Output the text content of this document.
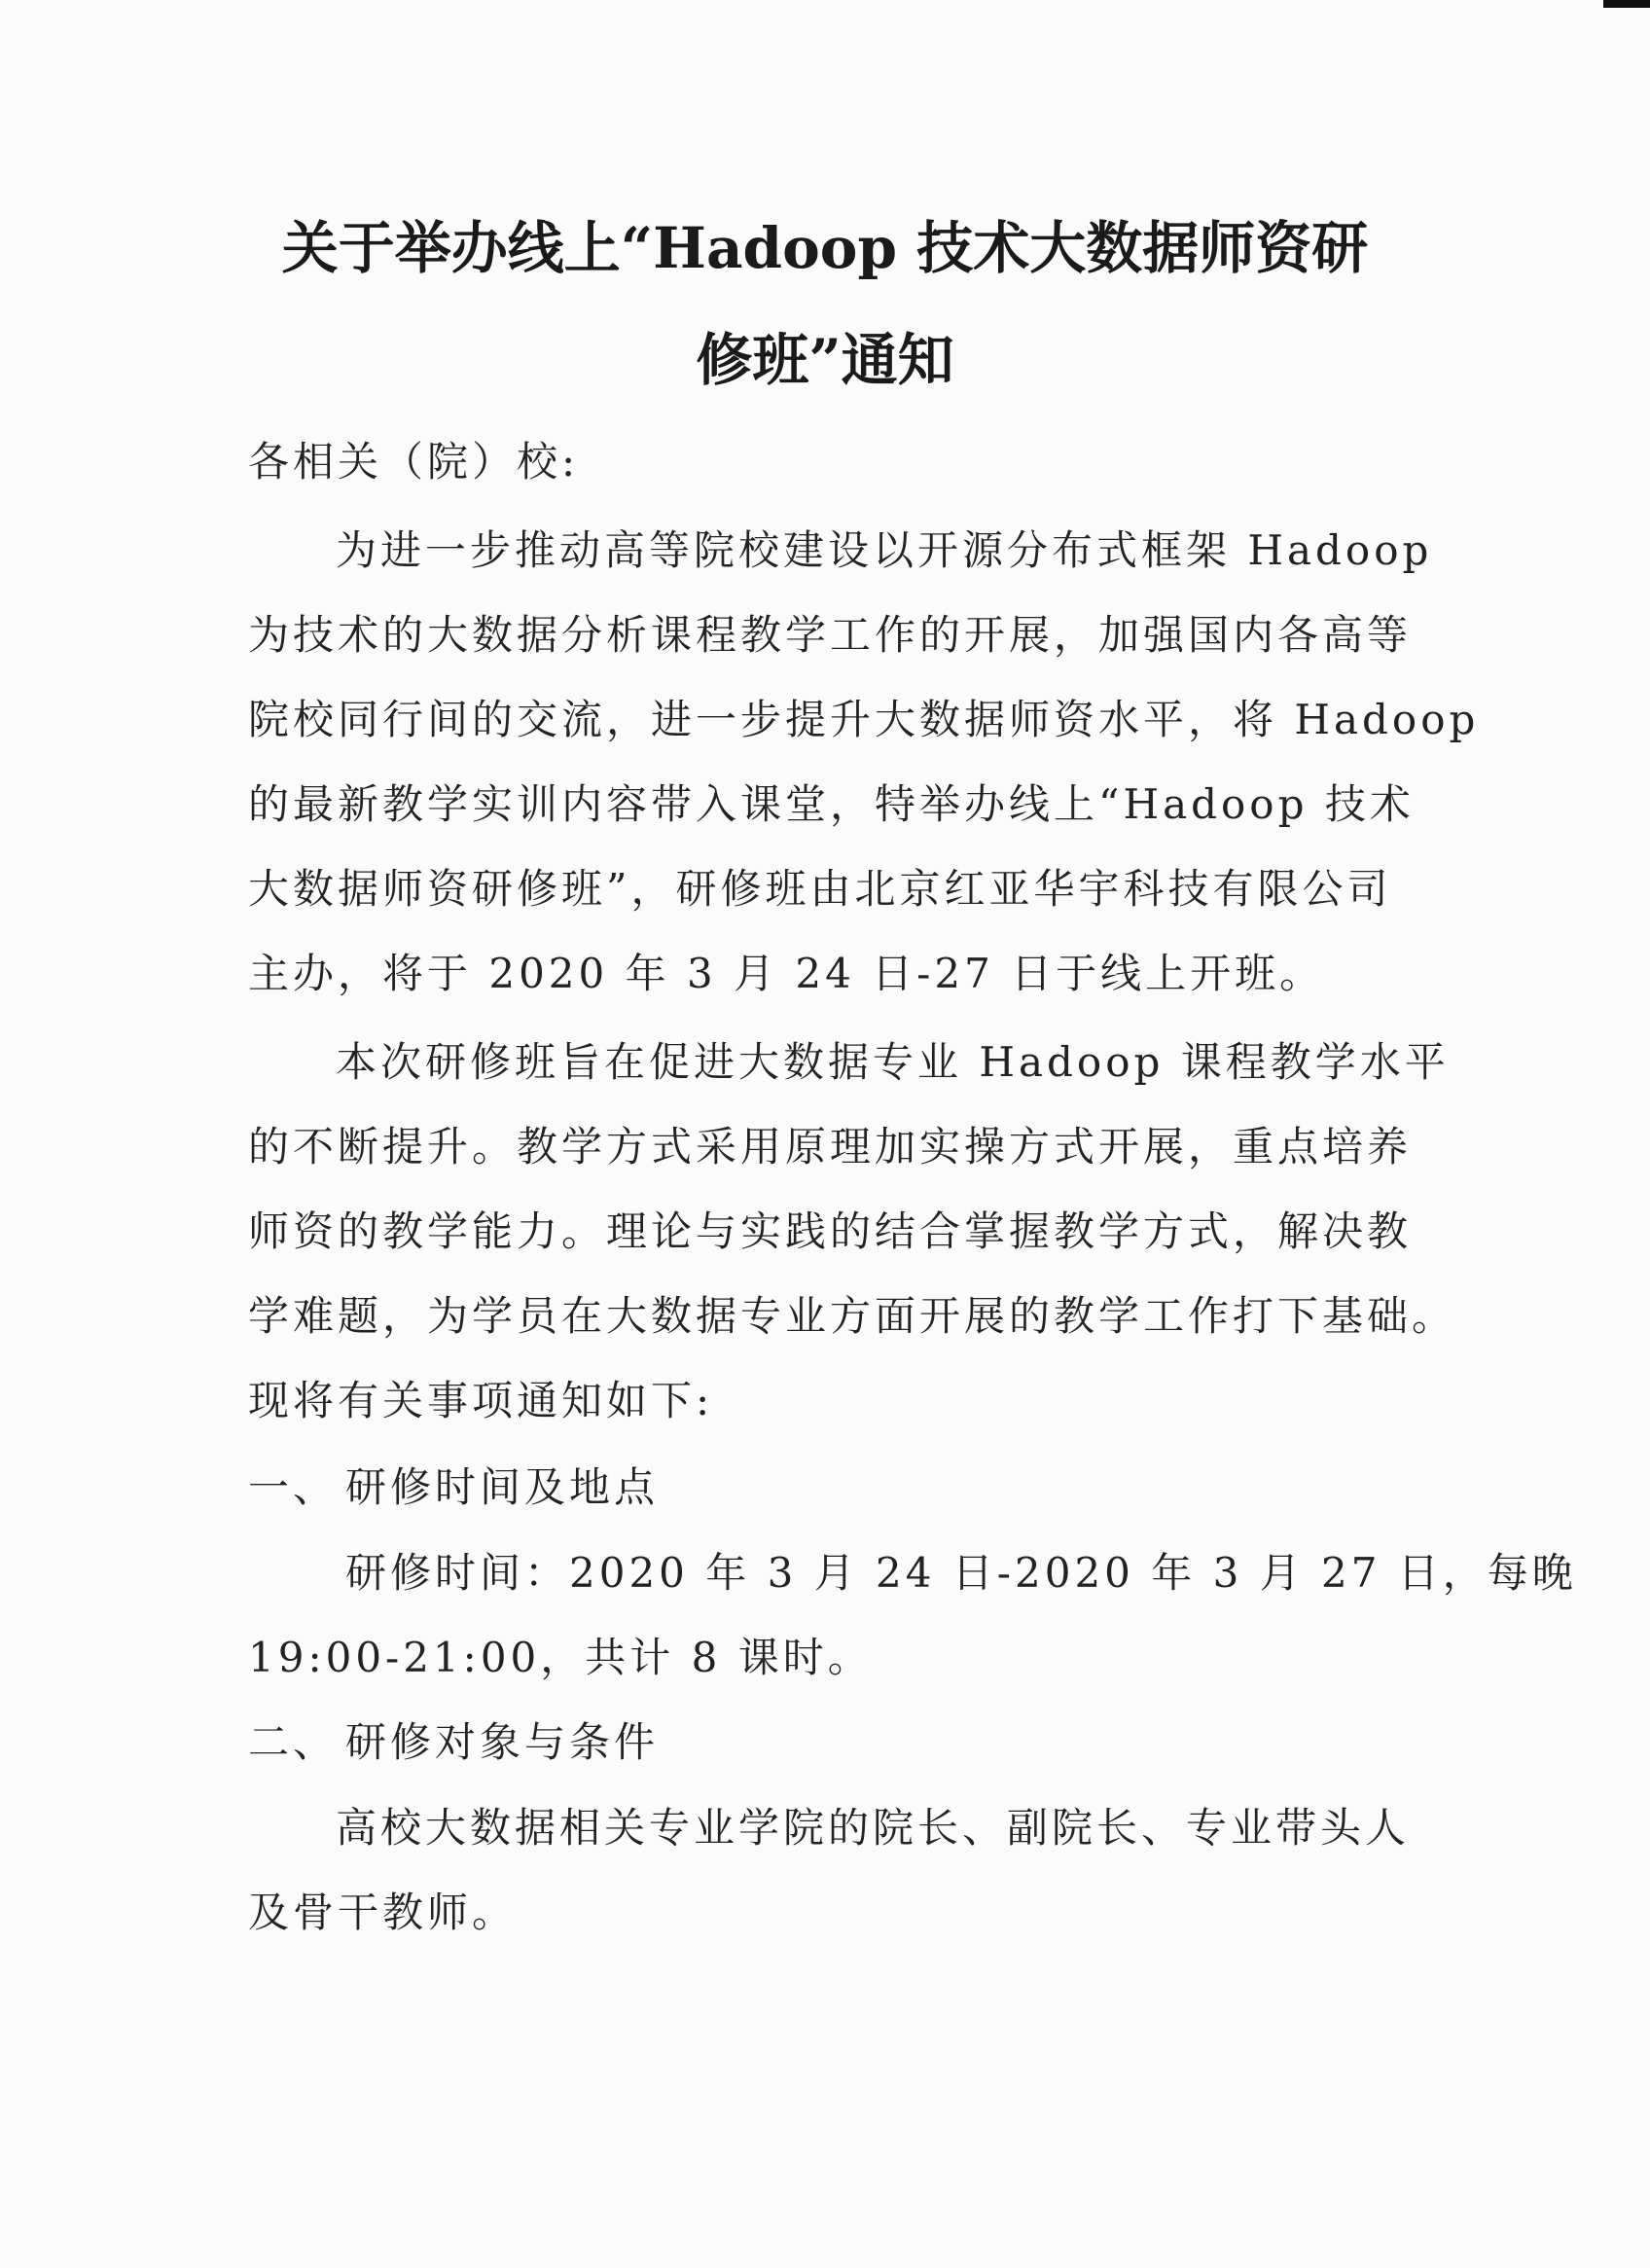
关于举办线上“Hadoop 技术大数据师资研
修班”通知
各相关（院）校:
为进一步推动高等院校建设以开源分布式框架 Hadoop
为技术的大数据分析课程教学工作的开展，加强国内各高等
院校同行间的交流，进一步提升大数据师资水平，将 Hadoop
的最新教学实训内容带入课堂，特举办线上“Hadoop 技术
大数据师资研修班”，研修班由北京红亚华宇科技有限公司
主办，将于 2020 年 3 月 24 日-27 日于线上开班。
本次研修班旨在促进大数据专业 Hadoop 课程教学水平
的不断提升。教学方式采用原理加实操方式开展，重点培养
师资的教学能力。理论与实践的结合掌握教学方式，解决教
学难题，为学员在大数据专业方面开展的教学工作打下基础。
现将有关事项通知如下:
一、 研修时间及地点
研修时间：2020 年 3 月 24 日-2020 年 3 月 27 日，每晚
19:00-21:00，共计 8 课时。
二、 研修对象与条件
高校大数据相关专业学院的院长、副院长、专业带头人
及骨干教师。
